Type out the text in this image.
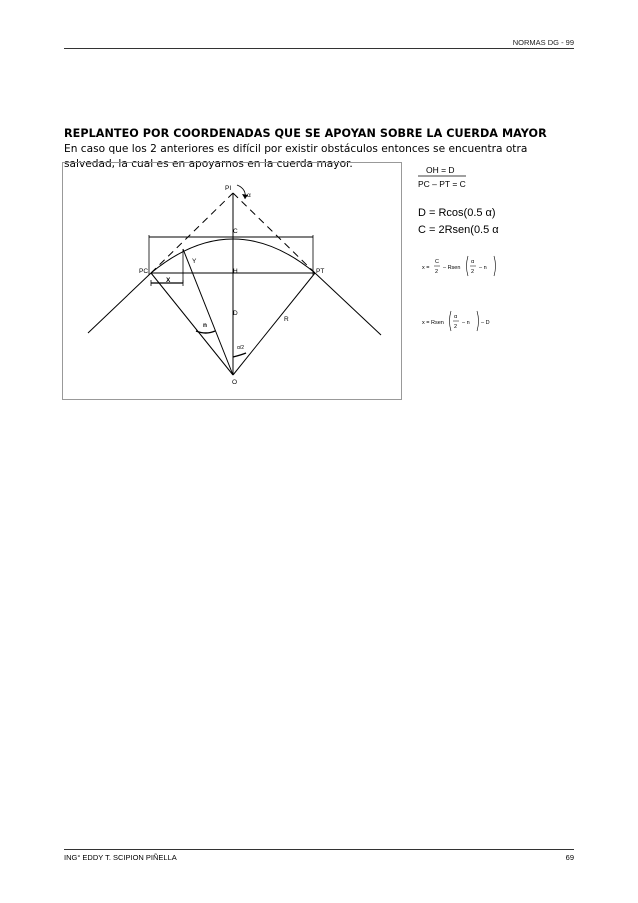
NORMAS DG - 99
REPLANTEO POR COORDENADAS QUE SE APOYAN SOBRE LA CUERDA MAYOR
En caso que los 2 anteriores es difícil por existir obstáculos entonces se encuentra otra salvedad, la cual es en apoyarnos en la cuerda mayor.
PI
α
C
Y
PC	H	PT
X
D
R
n
α/2
O
OH = D
PC – PT = C
D = Rcos(0.5 α)
C = 2Rsen(0.5 α
x =
C
2
– Rsen
α
2
– n
x = Rsen
α
2
– n – D
ING° EDDY T. SCIPION PIÑELLA	69
